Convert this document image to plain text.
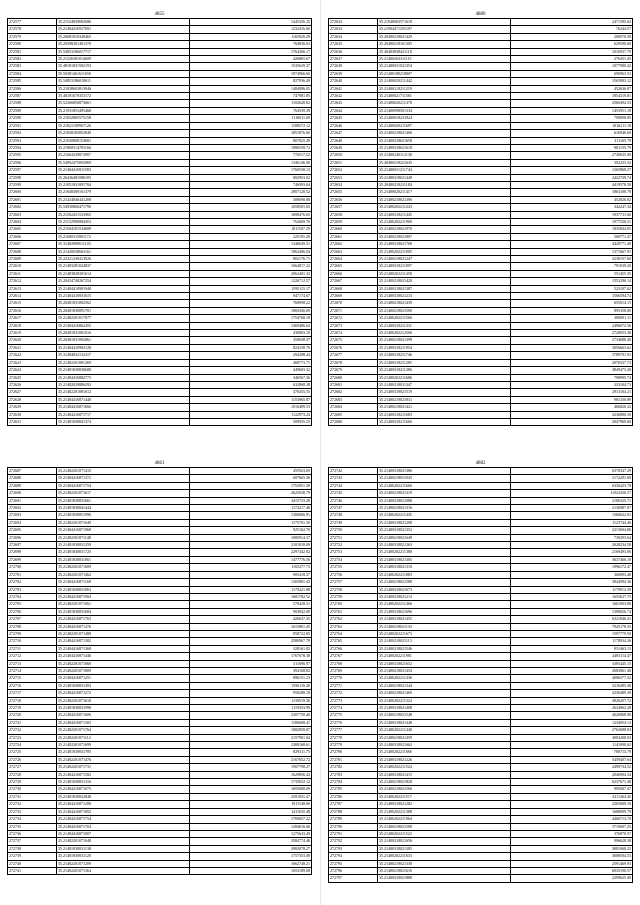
4855
272577	35.21524839682686	1445356.25
272578	35.21484416917691	1232416.60
272579	35.20681810349465	1165920.29
272580	35.20398301401370	764836.03
272581	35.54853186017717	1764366.17
272582	35.21526381014609	426865.67
272583	35.48181831582193	1535629.37
272584	35.50381461611650	1974966.60
272585	35.54853186018611	827936.49
272586	35.21838603813946	1484986.05
272587	35.48181670353172	747981.85
272588	35.52366856873661	1102628.82
272589	35.21931853495468	764539.39
272590	35.21832865575158	1116011.69
272591	35.21821180967126	1188572.12
272592	35.21838183852849	1851876.60
272593	35.21630800154681	807825.49
272594	35.21860514781166	1986558.72
272595	35.21664329872907	776517.52
272596	35.54992475092969	1346146.00
272597	35.21484416911583	1760538.13
272598	35.26436481086105	802953.02
272599	35.21851831091704	746993.04
272600	35.21648369161379	2807120.52
272601	35.21424846441208	308690.08
272602	35.54930860471790	1058501.65
272603	35.21502451533965	1698476.65
272604	35.21152996984453	762669.76
272605	35.21504181534689	1811507.29
272606	35.21680315801172	225195.20
272607	35.31482890611103	1346649.31
272608	35.21420038663161	1962496.04
272609	35.22321230413926	802176.71
272610	35.21483281024837	1664817.22
272611	35.21483828301614	2062401.33
272612	35.20434740267254	1226712.57
272613	35.21484410981940	1595115.17
272614	35.21484416931615	947174.67
272615	35.20481831082562	768998.22
272616	35.20481830891701	1869436.69
272617	35.21482201017077	1754768.18
272618	35.21484416862455	1469486.64
272619	35.20481831081016	430803.10
272620	35.20481831082861	358038.37
272621	35.21484410982128	824158.79
272622	35.31484832132317	294288.44
272623	35.21482201081269	468773.71
272624	35.21481830830608	449603.32
272625	35.21484416882775	346567.36
272626	35.21482029886292	632868.38
272627	35.21482201081612	470455.55
272628	35.21484416871448	1153965.87
272629	35.21484416871666	1016489.53
272630	35.21484416871717	1122973.24
272631	35.21481830841374	509935.25
4880
272632	35.21940003571618	2471395.62
272633	35.21904471255197	76244.57
272634	35.20480218021429	206970.58
272635	35.20480218161305	629500.60
272636	35.40483838421118	1016937.79
272637	35.21480204311115	276451.45
272638	35.21480031021354	1077980.42
272639	35.21480180218807	690963.53
272640	35.21480020211442	1565993.12
272641	35.21480218211219	452636.87
272642	35.21480021711561	1854319.81
272643	35.21480020211478	2560494.53
272644	35.21480098501334	1453951.18
272645	35.21480018231824	790898.85
272646	35.21480020211697	1016211.18
272647	35.21480218021406	616946.60
272648	35.21480318621658	311165.79
272649	35.21480318021618	981155.79
272650	35.21480240112130	2749635.00
272651	35.40480218221645	392233.32
272652	35.21480021211744	1365868.27
272653	35.21480318021448	2422739.74
272654	35.20480218211184	4419578.50
272655	35.21480020211417	1863106.79
272656	35.21480218021396	452826.82
272657	35.21480202211243	342247.34
272658	35.21480318211445	1937731.60
272659	35.21480202211968	1977526.51
272660	35.21480218021970	1835844.05
272661	35.21480218021807	560771.47
272662	35.21480318021768	4428771.49
272663	35.21480202211005	1371667.91
272664	35.21480218021247	3238157.60
272665	35.21480318211897	791039.20
272666	35.21480202211458	551455.35
272667	35.21480218021420	1553296.14
272668	35.21480218021387	523107.62
272669	35.21480318021213	1566594.74
272670	35.21480218021439	655014.15
272671	35.21480218021500	895358.00
272672	35.21480202211566	380691.11
272673	35.21480318211331	2496072.56
272674	35.21480202212506	2728953.36
272675	35.21480218021398	2734688.40
272676	35.21480318211954	3056663.62
272677	35.21480318211746	3789791.91
272678	35.21480318211285	2070337.73
272679	35.21480318211386	3849473.26
272680	35.21480202211686	798995.74
272681	35.21480218011347	333104.73
272682	35.21480318021519	2913164.21
272683	35.21480218021831	981330.89
272684	35.21480218021421	466826.32
272685	35.21480318211683	3236800.50
272686	35.21480318211666	2047960.60
4861
272687	35.21482201071410	455923.69
272688	35.21484416871372	607665.36
272689	35.21484416871754	1752951.38
272690	35.21482201071617	2625038.79
272691	35.21481830831661	3415733.28
272692	35.21481830841444	1172217.46
272693	35.21481830851996	1300606.91
272694	35.21482201071649	1175701.50
272695	35.21484416871968	925162.70
272696	35.21482201071148	1085914.37
272697	35.21481830831259	2101018.09
272698	35.21481830831725	2297442.92
272699	35.21481830831061	1477776.56
272700	35.21482201071609	1165277.73
272701	35.21482201071462	905418.37
272702	35.21484416871168	1265881.45
272703	35.21481830831863	1179221.88
272704	35.21484416871904	1681782.52
272705	35.21482201071061	578428.31
272706	35.21481830831684	903842.00
272707	35.21484416871763	426647.35
272708	35.21484416871476	1615801.45
272709	35.21482201071488	858722.85
272710	35.21484416871382	2580967.78
272711	35.21484416871368	328161.02
272712	35.21484416871446	1767678.38
272713	35.21482201071868	311096.97
272714	35.21482201071809	394168.82
272715	35.21484416871251	896151.23
272716	35.21481830831493	1596116.40
272717	35.21484416871272	958288.18
272718	35.21482201071618	1139519.36
272719	35.21481830831998	1119353.99
272720	35.21484416871606	2307750.40
272721	35.21484416871303	1186608.41
272722	35.21482201071764	1082858.87
272723	35.21482201071112	2157901.04
272724	35.21482201071699	2380168.61
272725	35.21481830831785	829311.75
272726	35.21482201071476	2167652.72
272727	35.21482201071731	1907798.27
272728	35.21484416871582	1629856.42
272729	35.21481830831316	1735652.12
272730	35.21484416871075	1695680.69
272731	35.21481830832848	2501831.47
272732	35.21484416871208	1911548.60
272733	35.21484416871802	1411635.48
272734	35.21484416871754	1769657.22
272735	35.21484416871704	1284616.66
272736	35.21484416871007	1275643.49
272737	35.21482201071648	3584774.46
272738	35.21481830831138	2982078.27
272739	35.21481830831120	1757553.09
272740	35.21482201071209	1662748.21
272741	35.21482201071364	1653189.68
4882
272742	35.21480318021386	6378347.29
272743	35.21480218021045	2172291.69
272744	35.21480202211666	6336423.78
272745	35.21480218021319	11023436.57
272746	35.21480318021088	2186325.71
272747	35.21480218021316	2136987.07
272748	35.21480202211445	1566622.81
272749	35.21480318021208	1123744.46
272750	35.21480318021352	2213604.86
272751	35.21480218021649	739293.64
272752	35.21480318021263	2028234.58
272753	35.21480202211388	2169493.06
272754	35.21480318021305	3637466.10
272755	35.21480318021310	1996172.47
272756	35.21480202211883	360093.48
272757	35.21480218021588	3844994.36
272758	35.21480318021673	1179912.50
272759	35.21480318021213	1655627.75
272760	35.21480202211466	1661003.86
272761	35.21480318021696	1390656.74
272762	35.21480318021455	6321846.41
272763	35.21480218021133	7945178.35
272764	35.21480202211673	1597779.50
272765	35.21480218021113	1178934.26
272766	35.21480218021546	931463.13
272767	35.21480202211981	2483114.47
272768	35.21480318021652	3385445.15
272769	35.21480218021454	2683861.40
272770	35.21480202211436	4006377.32
272771	35.21480218021344	3216485.48
272772	35.21480218021469	3236489.39
272773	35.21480202211324	3826457.72
272774	35.21480318021408	2634962.28
272775	35.21480218021548	4026968.96
272776	35.21480318021448	1234054.13
272777	35.21480202211448	2762688.04
272778	35.21480218021459	4003208.03
272779	35.21480318021662	1141090.62
272780	35.21480202211666	780713.79
272781	35.21480318021226	5459407.64
272782	35.21480202211524	2499734.52
272783	35.21480318021415	2046904.34
272784	35.21480218021828	6237671.48
272785	35.21480218021560	995607.47
272786	35.21480202211517	2411264.45
272787	35.21480318021282	2265689.16
272788	35.21480202211388	1688699.79
272789	35.21480202211964	4468713.70
272790	35.21480218021588	3719607.25
272791	35.21480202211522	376870.57
272792	35.21480318021656	996628.38
272793	35.21480318021385	3081068.25
272794	35.21480202211633	3608504.53
272795	35.21480218021338	2591469.93
272796	35.21480218021616	6035196.57
272797	35.21480318021888	2299625.49
